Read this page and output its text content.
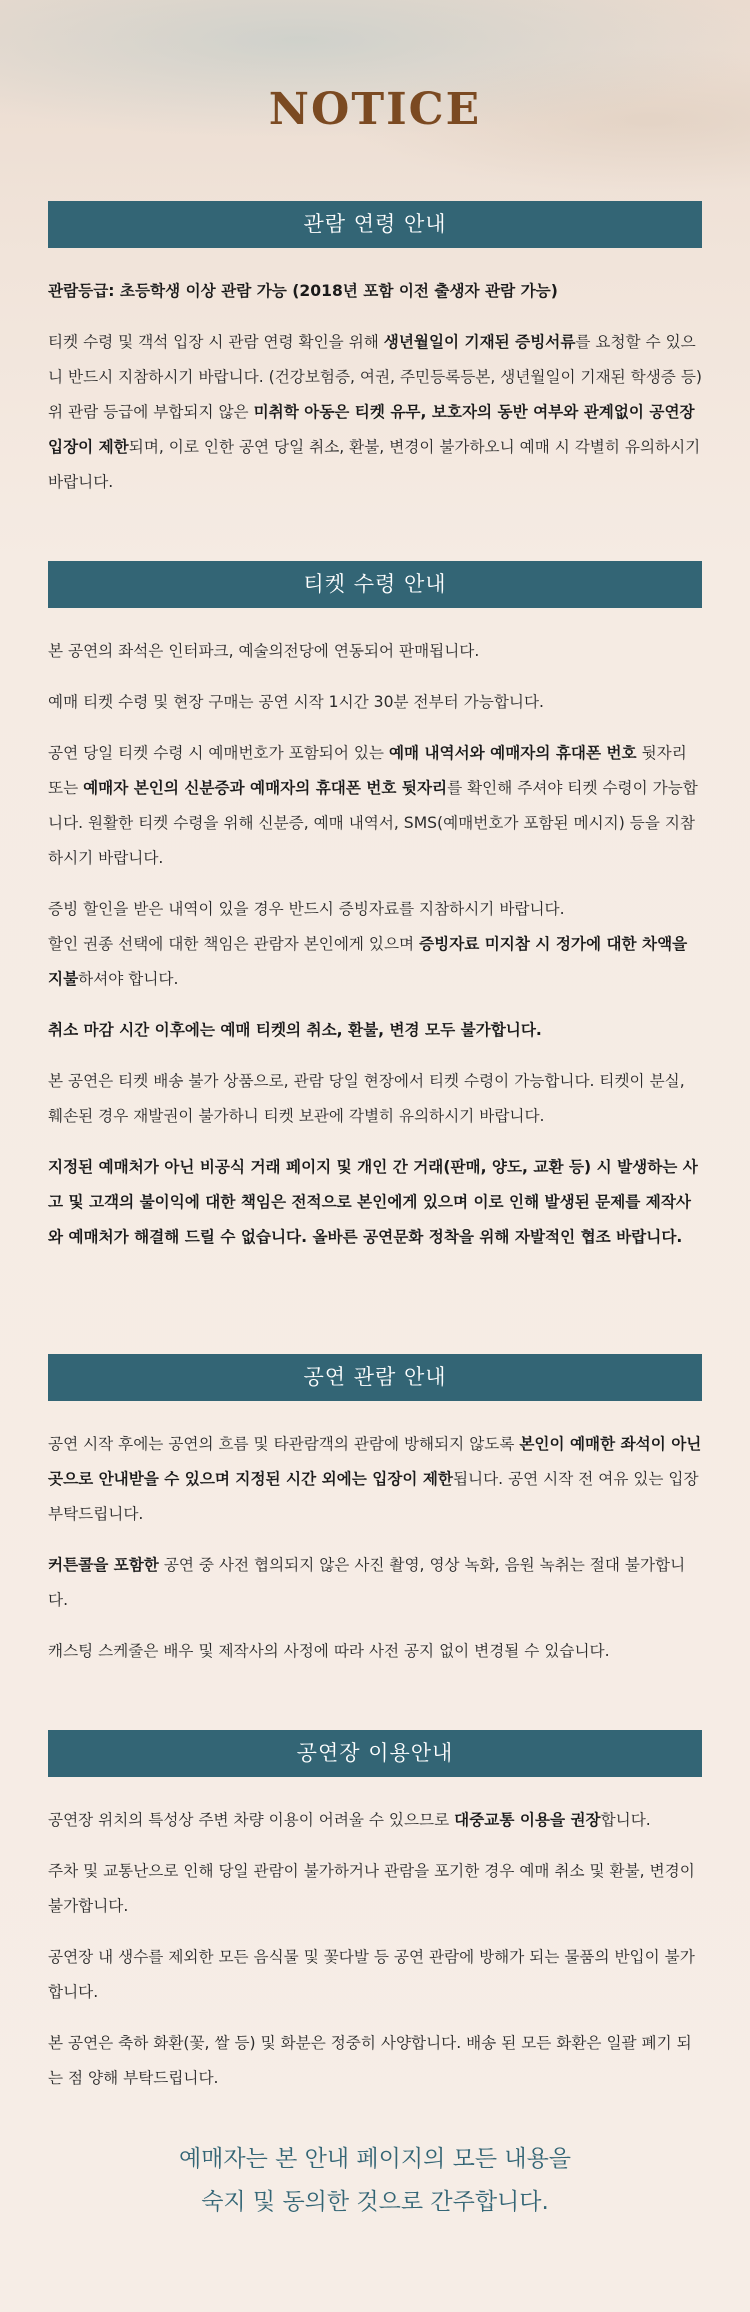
NOTICE
관람 연령 안내

관람등급: 초등학생 이상 관람 가능 (2018년 포함 이전 출생자 관람 가능)

티켓 수령 및 객석 입장 시 관람 연령 확인을 위해 생년월일이 기재된 증빙서류를 요청할 수 있으니 반드시 지참하시기 바랍니다. (건강보험증, 여권, 주민등록등본, 생년월일이 기재된 학생증 등) 위 관람 등급에 부합되지 않은 미취학 아동은 티켓 유무, 보호자의 동반 여부와 관계없이 공연장 입장이 제한되며, 이로 인한 공연 당일 취소, 환불, 변경이 불가하오니 예매 시 각별히 유의하시기 바랍니다.

티켓 수령 안내

본 공연의 좌석은 인터파크, 예술의전당에 연동되어 판매됩니다.

예매 티켓 수령 및 현장 구매는 공연 시작 1시간 30분 전부터 가능합니다.

공연 당일 티켓 수령 시 예매번호가 포함되어 있는 예매 내역서와 예매자의 휴대폰 번호 뒷자리 또는 예매자 본인의 신분증과 예매자의 휴대폰 번호 뒷자리를 확인해 주셔야 티켓 수령이 가능합니다. 원활한 티켓 수령을 위해 신분증, 예매 내역서, SMS(예매번호가 포함된 메시지) 등을 지참하시기 바랍니다.

증빙 할인을 받은 내역이 있을 경우 반드시 증빙자료를 지참하시기 바랍니다.

할인 권종 선택에 대한 책임은 관람자 본인에게 있으며 증빙자료 미지참 시 정가에 대한 차액을 지불하셔야 합니다.

취소 마감 시간 이후에는 예매 티켓의 취소, 환불, 변경 모두 불가합니다.

본 공연은 티켓 배송 불가 상품으로, 관람 당일 현장에서 티켓 수령이 가능합니다. 티켓이 분실, 훼손된 경우 재발권이 불가하니 티켓 보관에 각별히 유의하시기 바랍니다.

지정된 예매처가 아닌 비공식 거래 페이지 및 개인 간 거래(판매, 양도, 교환 등) 시 발생하는 사고 및 고객의 불이익에 대한 책임은 전적으로 본인에게 있으며 이로 인해 발생된 문제를 제작사와 예매처가 해결해 드릴 수 없습니다. 올바른 공연문화 정착을 위해 자발적인 협조 바랍니다.

공연 관람 안내

공연 시작 후에는 공연의 흐름 및 타관람객의 관람에 방해되지 않도록 본인이 예매한 좌석이 아닌 곳으로 안내받을 수 있으며 지정된 시간 외에는 입장이 제한됩니다. 공연 시작 전 여유 있는 입장 부탁드립니다.

커튼콜을 포함한 공연 중 사전 협의되지 않은 사진 촬영, 영상 녹화, 음원 녹취는 절대 불가합니다.

캐스팅 스케줄은 배우 및 제작사의 사정에 따라 사전 공지 없이 변경될 수 있습니다.

공연장 이용안내

공연장 위치의 특성상 주변 차량 이용이 어려울 수 있으므로 대중교통 이용을 권장합니다.

주차 및 교통난으로 인해 당일 관람이 불가하거나 관람을 포기한 경우 예매 취소 및 환불, 변경이 불가합니다.

공연장 내 생수를 제외한 모든 음식물 및 꽃다발 등 공연 관람에 방해가 되는 물품의 반입이 불가합니다.

본 공연은 축하 화환(꽃, 쌀 등) 및 화분은 정중히 사양합니다. 배송 된 모든 화환은 일괄 폐기 되는 점 양해 부탁드립니다.

예매자는 본 안내 페이지의 모든 내용을
숙지 및 동의한 것으로 간주합니다.
